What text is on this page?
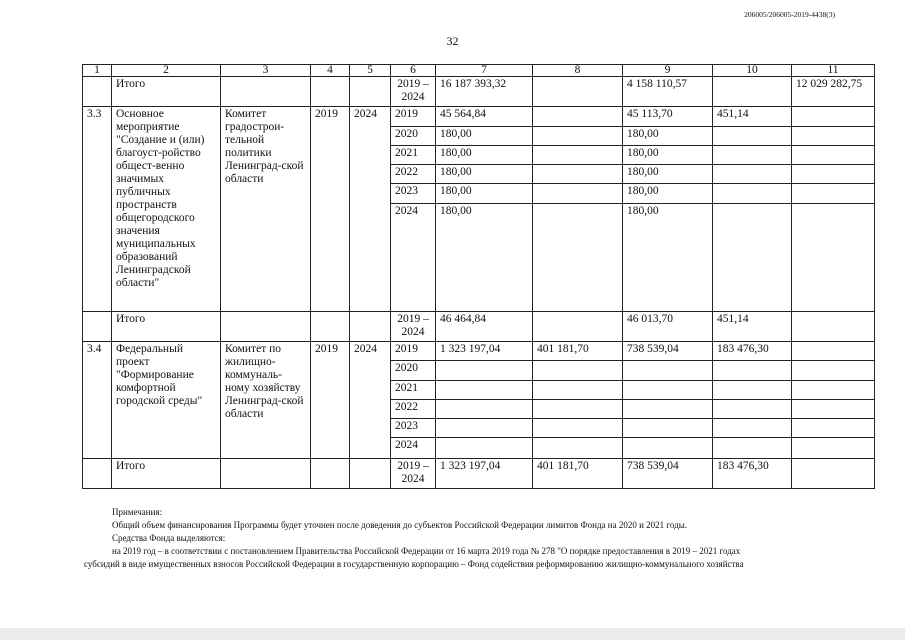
206005/206005-2019-4438(3)
32
1	2	3	4	5	6	7	8	9	10	11
	Итого				2019 – 2024	16 187 393,32		4 158 110,57		12 029 282,75
3.3	Основное мероприятие "Создание и (или) благоуст-ройство общест-венно значимых публичных пространств общегородского значения муниципальных образований Ленинградской области"	Комитет градострои-тельной политики Ленинград-ской области	2019	2024	2019	45 564,84		45 113,70	451,14	
					2020	180,00		180,00		
					2021	180,00		180,00		
					2022	180,00		180,00		
					2023	180,00		180,00		
					2024	180,00		180,00		
	Итого				2019 – 2024	46 464,84		46 013,70	451,14	
3.4	Федеральный проект "Формирование комфортной городской среды"	Комитет по жилищно-коммуналь-ному хозяйству Ленинград-ской области	2019	2024	2019	1 323 197,04	401 181,70	738 539,04	183 476,30	
					2020					
					2021					
					2022					
					2023					
					2024					
	Итого				2019 – 2024	1 323 197,04	401 181,70	738 539,04	183 476,30	
Примечания:
Общий объем финансирования Программы будет уточнен после доведения до субъектов Российской Федерации лимитов Фонда на 2020 и 2021 годы.
Средства Фонда выделяются:
на 2019 год – в соответствии с постановлением Правительства Российской Федерации от 16 марта 2019 года № 278 "О порядке предоставления в 2019 – 2021 годах
субсидий в виде имущественных взносов Российской Федерации в государственную корпорацию – Фонд содействия реформированию жилищно-коммунального хозяйства
